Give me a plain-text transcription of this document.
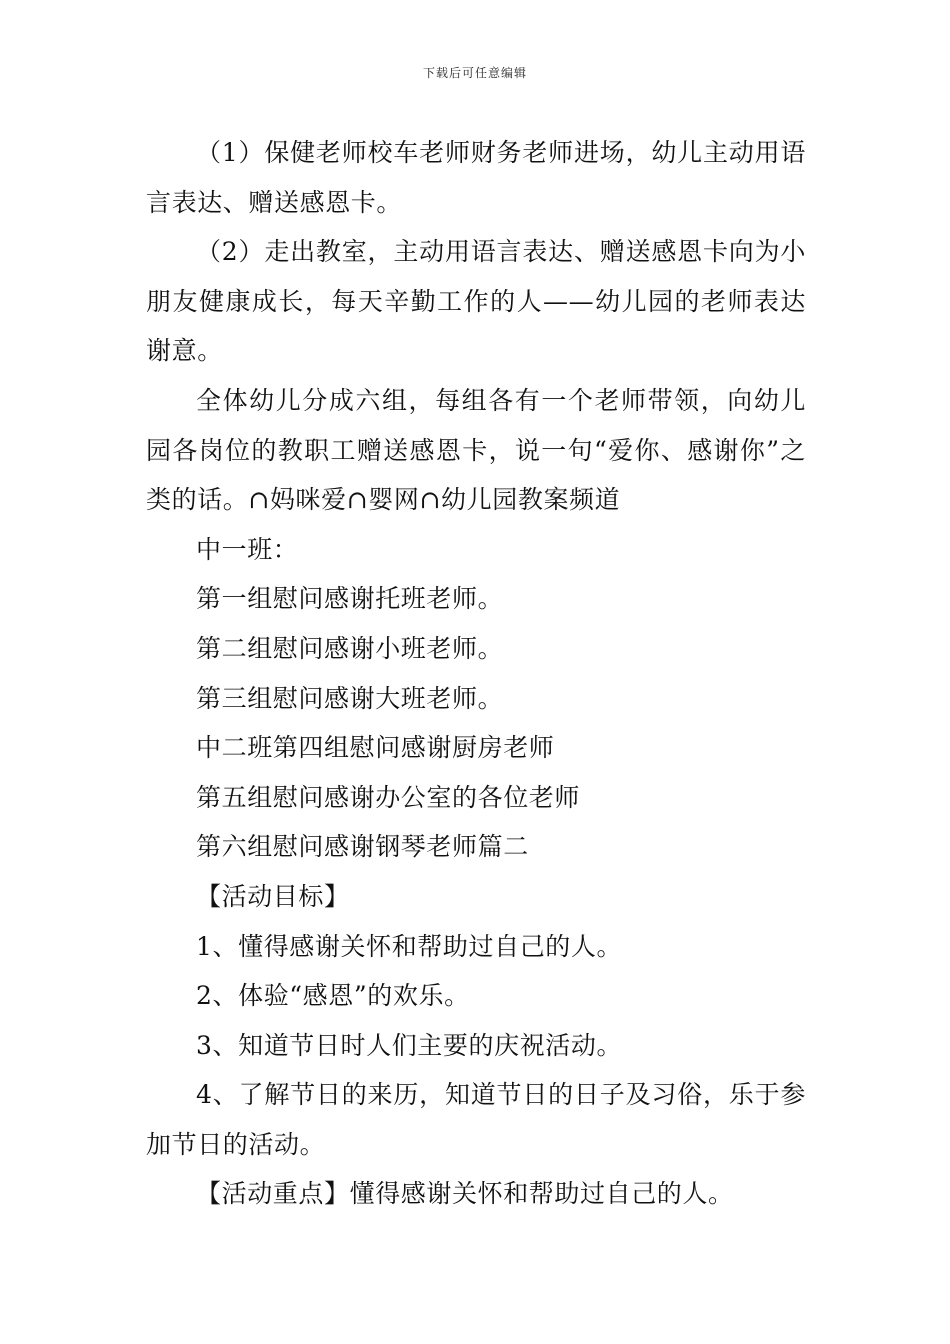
下载后可任意编辑

（1）保健老师校车老师财务老师进场，幼儿主动用语言表达、赠送感恩卡。

（2）走出教室，主动用语言表达、赠送感恩卡向为小朋友健康成长，每天辛勤工作的人——幼儿园的老师表达谢意。

全体幼儿分成六组，每组各有一个老师带领，向幼儿园各岗位的教职工赠送感恩卡，说一句“爱你、感谢你”之类的话。∩妈咪爱∩婴网∩幼儿园教案频道

中一班：

第一组慰问感谢托班老师。

第二组慰问感谢小班老师。

第三组慰问感谢大班老师。

中二班第四组慰问感谢厨房老师

第五组慰问感谢办公室的各位老师

第六组慰问感谢钢琴老师篇二

【活动目标】

1、懂得感谢关怀和帮助过自己的人。

2、体验“感恩”的欢乐。

3、知道节日时人们主要的庆祝活动。

4、了解节日的来历，知道节日的日子及习俗，乐于参加节日的活动。

【活动重点】懂得感谢关怀和帮助过自己的人。
